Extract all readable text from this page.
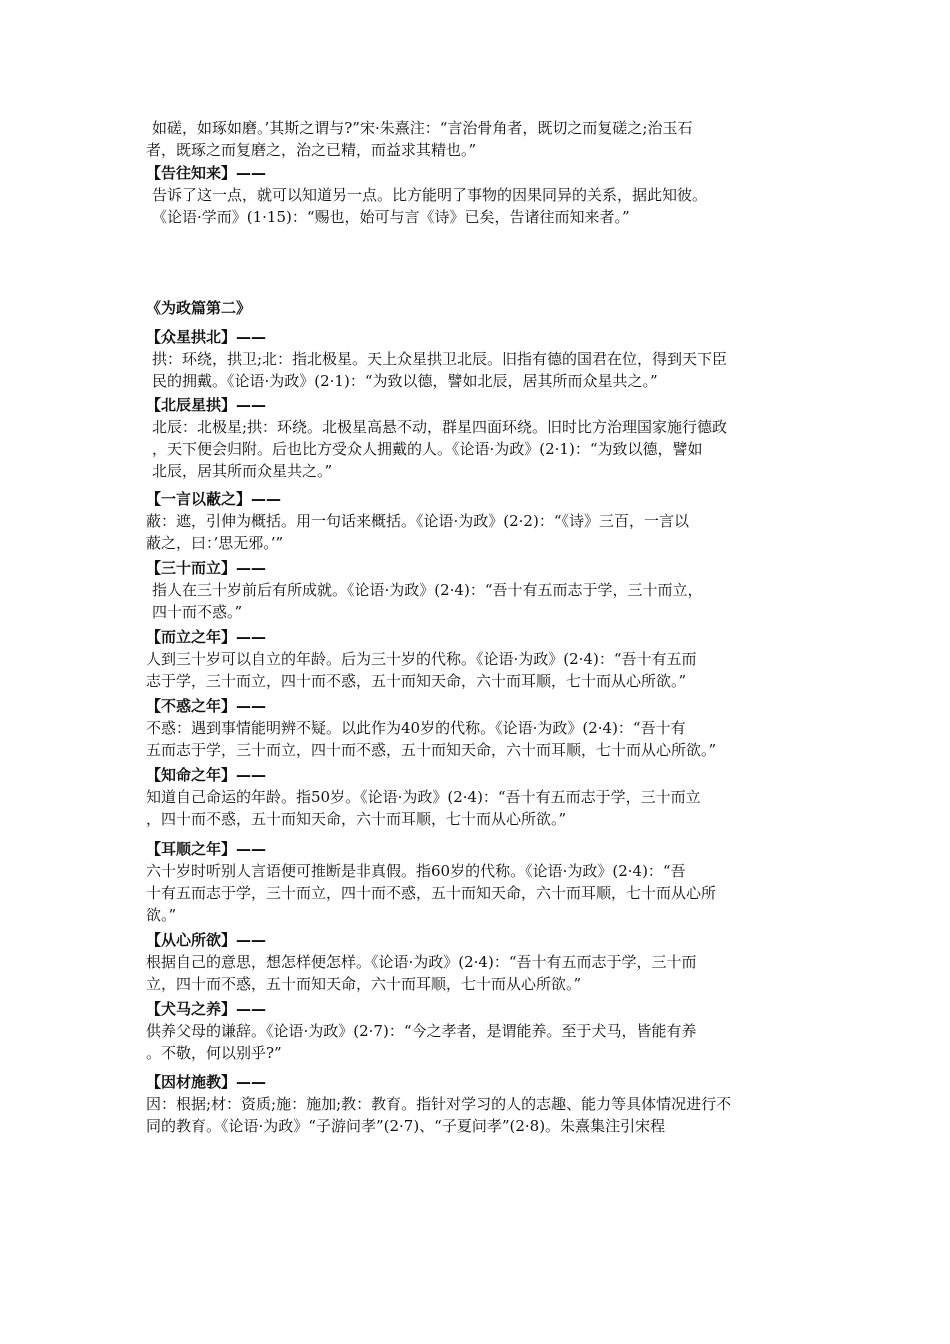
如磋，如琢如磨。’其斯之谓与?”宋·朱熹注：“言治骨角者，既切之而复磋之;治玉石

者，既琢之而复磨之，治之已精，而益求其精也。”

【告往知来】——

告诉了这一点，就可以知道另一点。比方能明了事物的因果同异的关系，据此知彼。

《论语·学而》(1·15)：“赐也，始可与言《诗》已矣，告诸往而知来者。”

《为政篇第二》

【众星拱北】——

拱：环绕，拱卫;北：指北极星。天上众星拱卫北辰。旧指有德的国君在位，得到天下臣

民的拥戴。《论语·为政》(2·1)：“为致以德，譬如北辰，居其所而众星共之。”

【北辰星拱】——

北辰：北极星;拱：环绕。北极星高悬不动，群星四面环绕。旧时比方治理国家施行德政

，天下便会归附。后也比方受众人拥戴的人。《论语·为政》(2·1)：“为致以德，譬如

北辰，居其所而众星共之。”

【一言以蔽之】——

蔽：遮，引伸为概括。用一句话来概括。《论语·为政》(2·2)：“《诗》三百，一言以

蔽之，曰：’思无邪。’”

【三十而立】——

指人在三十岁前后有所成就。《论语·为政》(2·4)：“吾十有五而志于学，三十而立，

四十而不惑。”

【而立之年】——

人到三十岁可以自立的年龄。后为三十岁的代称。《论语·为政》(2·4)：“吾十有五而

志于学，三十而立，四十而不惑，五十而知天命，六十而耳顺，七十而从心所欲。”

【不惑之年】——

不惑：遇到事情能明辨不疑。以此作为40岁的代称。《论语·为政》(2·4)：“吾十有

五而志于学，三十而立，四十而不惑，五十而知天命，六十而耳顺，七十而从心所欲。”

【知命之年】——

知道自己命运的年龄。指50岁。《论语·为政》(2·4)：“吾十有五而志于学，三十而立

，四十而不惑，五十而知天命，六十而耳顺，七十而从心所欲。”

【耳顺之年】——

六十岁时听别人言语便可推断是非真假。指60岁的代称。《论语·为政》(2·4)：“吾

十有五而志于学，三十而立，四十而不惑，五十而知天命，六十而耳顺，七十而从心所

欲。”

【从心所欲】——

根据自己的意思，想怎样便怎样。《论语·为政》(2·4)：“吾十有五而志于学，三十而

立，四十而不惑，五十而知天命，六十而耳顺，七十而从心所欲。”

【犬马之养】——

供养父母的谦辞。《论语·为政》(2·7)：“今之孝者，是谓能养。至于犬马，皆能有养

。不敬，何以别乎?”

【因材施教】——

因：根据;材：资质;施：施加;教：教育。指针对学习的人的志趣、能力等具体情况进行不

同的教育。《论语·为政》“子游问孝”(2·7)、“子夏问孝”(2·8)。朱熹集注引宋程
